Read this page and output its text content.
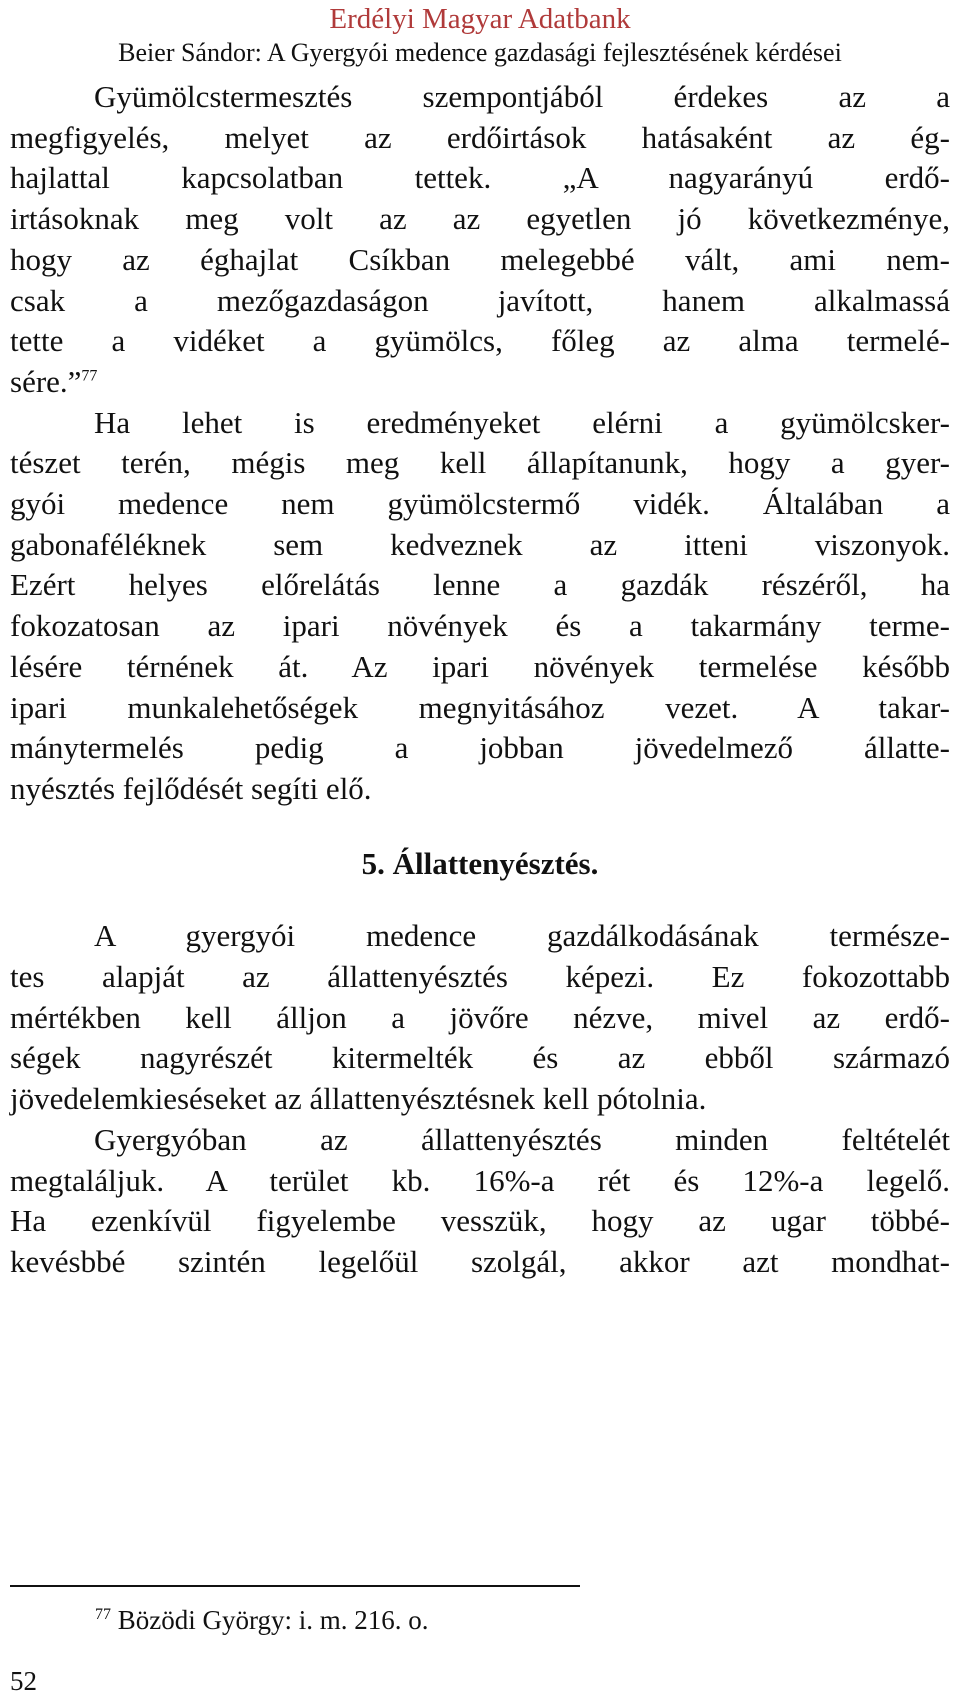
Erdélyi Magyar Adatbank
Beier Sándor: A Gyergyói medence gazdasági fejlesztésének kérdései
Gyümölcstermesztés szempontjából érdekes az a
megfigyelés, melyet az erdőirtások hatásaként az ég-
hajlattal kapcsolatban tettek. „A nagyarányú erdő-
irtásoknak meg volt az az egyetlen jó következménye,
hogy az éghajlat Csíkban melegebbé vált, ami nem-
csak a mezőgazdaságon javított, hanem alkalmassá
tette a vidéket a gyümölcs, főleg az alma termelé-
sére.”$^{77}$
Ha lehet is eredményeket elérni a gyümölcsker-
tészet terén, mégis meg kell állapítanunk, hogy a gyer-
gyói medence nem gyümölcstermő vidék. Általában a
gabonaféléknek sem kedveznek az itteni viszonyok.
Ezért helyes előrelátás lenne a gazdák részéről, ha
fokozatosan az ipari növények és a takarmány terme-
lésére térnének át. Az ipari növények termelése később
ipari munkalehetőségek megnyitásához vezet. A takar-
mánytermelés pedig a jobban jövedelmező állatte-
nyésztés fejlődését segíti elő.
5. Állattenyésztés.
A gyergyói medence gazdálkodásának természe-
tes alapját az állattenyésztés képezi. Ez fokozottabb
mértékben kell álljon a jövőre nézve, mivel az erdő-
ségek nagyrészét kitermelték és az ebből származó
jövedelemkieséseket az állattenyésztésnek kell pótolnia.
Gyergyóban az állattenyésztés minden feltételét
megtaláljuk. A terület kb. 16%-a rét és 12%-a legelő.
Ha ezenkívül figyelembe vesszük, hogy az ugar többé-
kevésbbé szintén legelőül szolgál, akkor azt mondhat-
$^{77}$ Bözödi György: i. m. 216. o.
52
